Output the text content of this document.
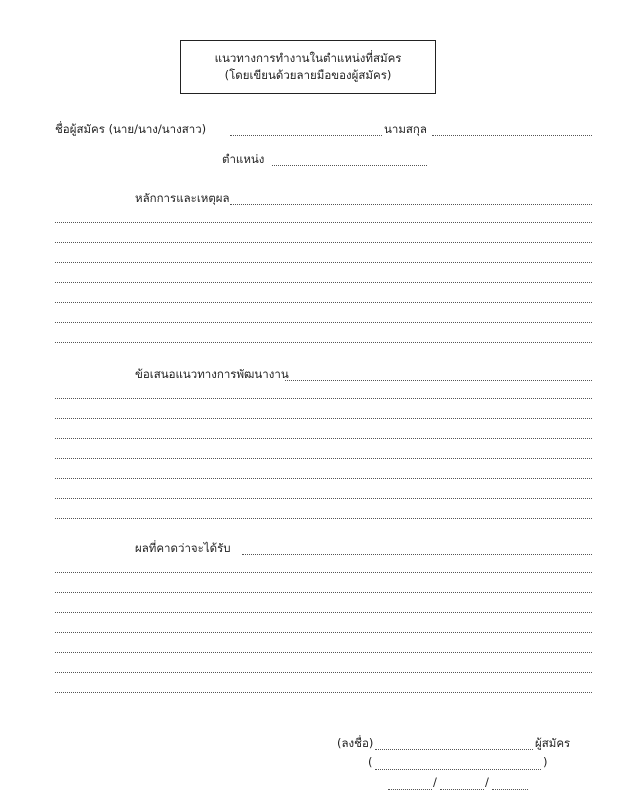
แนวทางการทำงานในตำแหน่งที่สมัคร
(โดยเขียนด้วยลายมือของผู้สมัคร)
ชื่อผู้สมัคร (นาย/นาง/นางสาว)	นามสกุล
ตำแหน่ง
หลักการและเหตุผล
ข้อเสนอแนวทางการพัฒนางาน
ผลที่คาดว่าจะได้รับ
(ลงชื่อ)	ผู้สมัคร
(	)
/	/
